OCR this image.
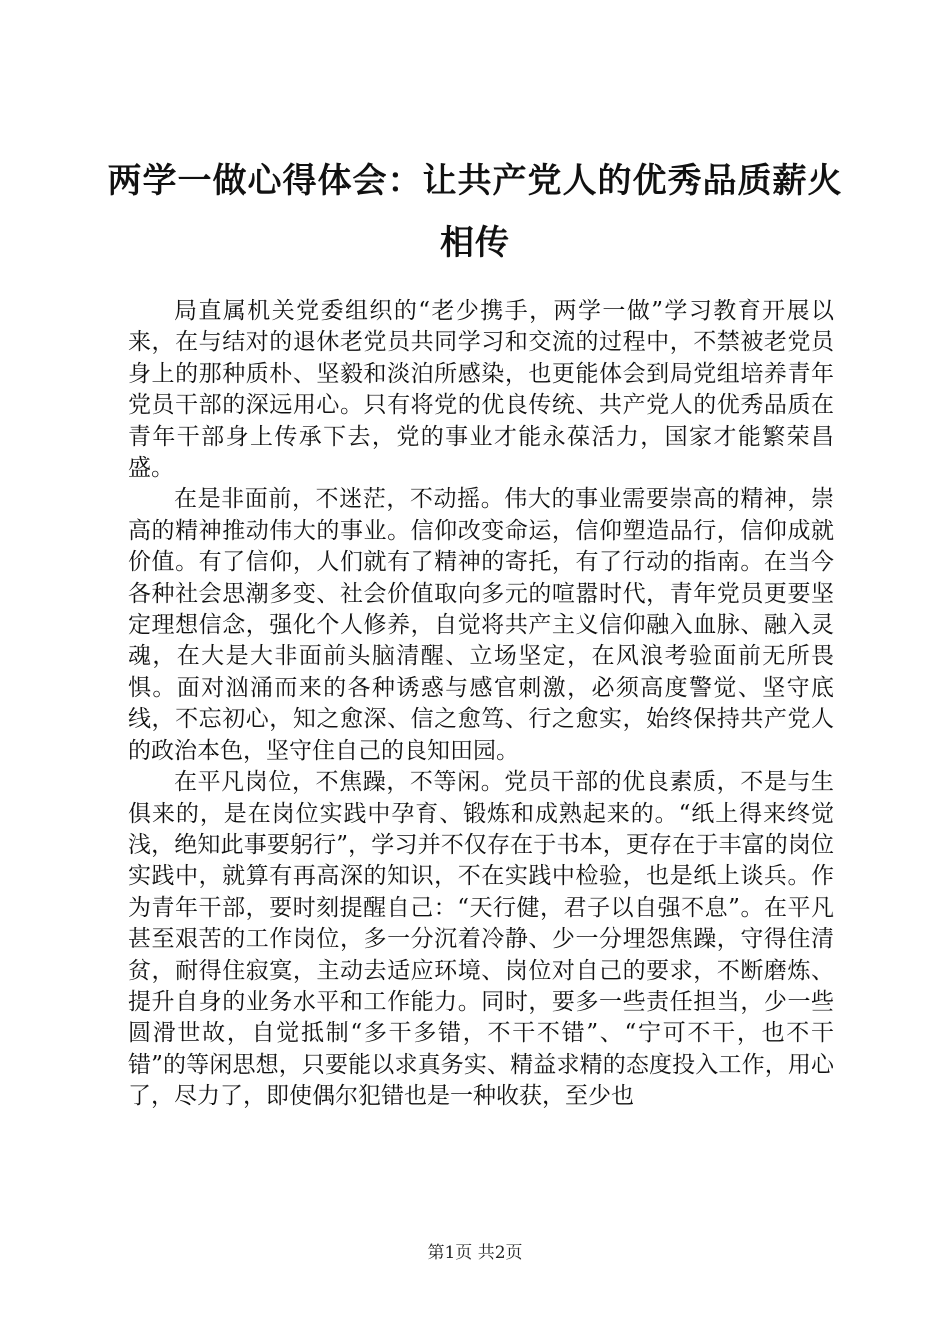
两学一做心得体会：让共产党人的优秀品质薪火相传

局直属机关党委组织的“老少携手，两学一做”学习教育开展以来，在与结对的退休老党员共同学习和交流的过程中，不禁被老党员身上的那种质朴、坚毅和淡泊所感染，也更能体会到局党组培养青年党员干部的深远用心。只有将党的优良传统、共产党人的优秀品质在青年干部身上传承下去，党的事业才能永葆活力，国家才能繁荣昌盛。

在是非面前，不迷茫，不动摇。伟大的事业需要崇高的精神，崇高的精神推动伟大的事业。信仰改变命运，信仰塑造品行，信仰成就价值。有了信仰，人们就有了精神的寄托，有了行动的指南。在当今各种社会思潮多变、社会价值取向多元的喧嚣时代，青年党员更要坚定理想信念，强化个人修养，自觉将共产主义信仰融入血脉、融入灵魂，在大是大非面前头脑清醒、立场坚定，在风浪考验面前无所畏惧。面对汹涌而来的各种诱惑与感官刺激，必须高度警觉、坚守底线，不忘初心，知之愈深、信之愈笃、行之愈实，始终保持共产党人的政治本色，坚守住自己的良知田园。

在平凡岗位，不焦躁，不等闲。党员干部的优良素质，不是与生俱来的，是在岗位实践中孕育、锻炼和成熟起来的。“纸上得来终觉浅，绝知此事要躬行”，学习并不仅存在于书本，更存在于丰富的岗位实践中，就算有再高深的知识，不在实践中检验，也是纸上谈兵。作为青年干部，要时刻提醒自己：“天行健，君子以自强不息”。在平凡甚至艰苦的工作岗位，多一分沉着冷静、少一分埋怨焦躁，守得住清贫，耐得住寂寞，主动去适应环境、岗位对自己的要求，不断磨炼、提升自身的业务水平和工作能力。同时，要多一些责任担当，少一些圆滑世故，自觉抵制“多干多错，不干不错”、“宁可不干，也不干错”的等闲思想，只要能以求真务实、精益求精的态度投入工作，用心了，尽力了，即使偶尔犯错也是一种收获，至少也

第1页 共2页
